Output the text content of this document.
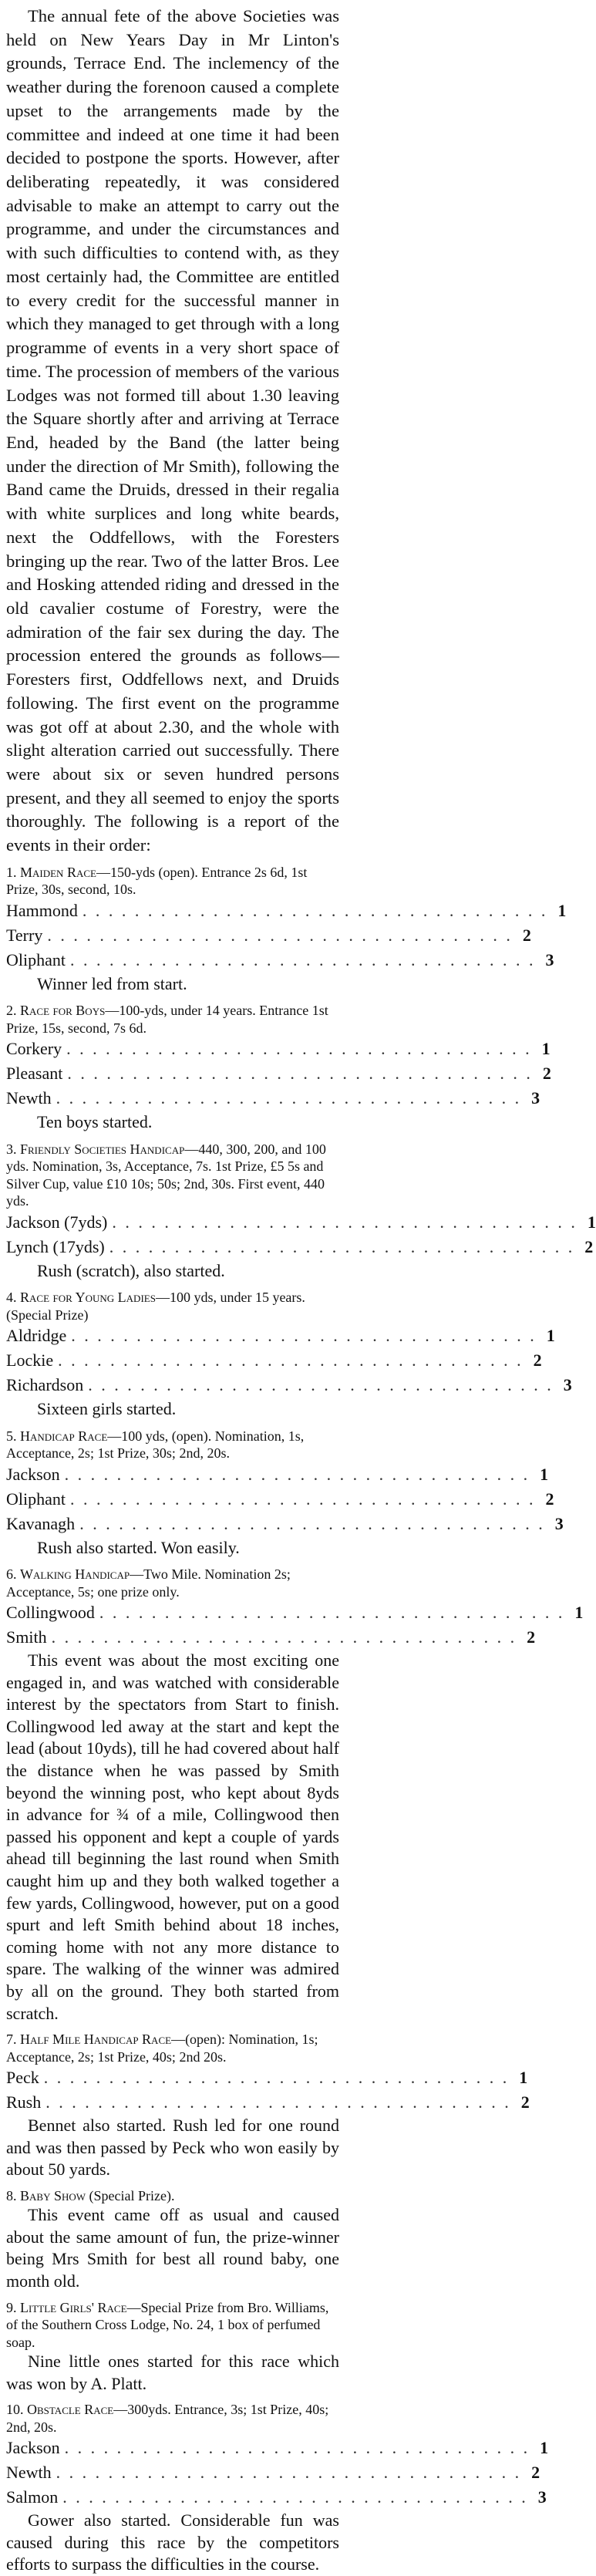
The annual fete of the above Societies was held on New Years Day in Mr Linton's grounds, Terrace End. The inclemency of the weather during the forenoon caused a complete upset to the arrangements made by the committee and indeed at one time it had been decided to postpone the sports. However, after deliberating repeatedly, it was considered advisable to make an attempt to carry out the programme, and under the circumstances and with such difficulties to contend with, as they most certainly had, the Committee are entitled to every credit for the successful manner in which they managed to get through with a long programme of events in a very short space of time. The procession of members of the various Lodges was not formed till about 1.30 leaving the Square shortly after and arriving at Terrace End, headed by the Band (the latter being under the direction of Mr Smith), following the Band came the Druids, dressed in their regalia with white surplices and long white beards, next the Oddfellows, with the Foresters bringing up the rear. Two of the latter Bros. Lee and Hosking attended riding and dressed in the old cavalier costume of Forestry, were the admiration of the fair sex during the day. The procession entered the grounds as follows—Foresters first, Oddfellows next, and Druids following. The first event on the programme was got off at about 2.30, and the whole with slight alteration carried out successfully. There were about six or seven hundred persons present, and they all seemed to enjoy the sports thoroughly. The following is a report of the events in their order:

1. Maiden Race—150-yds (open). Entrance 2s 6d, 1st Prize, 30s, second, 10s.

Hammond . . . . . . . . . . . . . . . . . . . . . . . . . . . . . . . . . . . . 1
Terry . . . . . . . . . . . . . . . . . . . . . . . . . . . . . . . . . . . . 2
Oliphant . . . . . . . . . . . . . . . . . . . . . . . . . . . . . . . . . . . . 3

Winner led from start.

2. Race for Boys—100-yds, under 14 years. Entrance 1st Prize, 15s, second, 7s 6d.

Corkery . . . . . . . . . . . . . . . . . . . . . . . . . . . . . . . . . . . . 1
Pleasant . . . . . . . . . . . . . . . . . . . . . . . . . . . . . . . . . . . . 2
Newth . . . . . . . . . . . . . . . . . . . . . . . . . . . . . . . . . . . . 3

Ten boys started.

3. Friendly Societies Handicap—440, 300, 200, and 100 yds. Nomination, 3s, Acceptance, 7s. 1st Prize, £5 5s and Silver Cup, value £10 10s; 50s; 2nd, 30s. First event, 440 yds.

Jackson (7yds) . . . . . . . . . . . . . . . . . . . . . . . . . . . . . . . . . . . . 1
Lynch (17yds) . . . . . . . . . . . . . . . . . . . . . . . . . . . . . . . . . . . . 2

Rush (scratch), also started.

4. Race for Young Ladies—100 yds, under 15 years. (Special Prize)

Aldridge . . . . . . . . . . . . . . . . . . . . . . . . . . . . . . . . . . . . 1
Lockie . . . . . . . . . . . . . . . . . . . . . . . . . . . . . . . . . . . . 2
Richardson . . . . . . . . . . . . . . . . . . . . . . . . . . . . . . . . . . . . 3

Sixteen girls started.

5. Handicap Race—100 yds, (open). Nomination, 1s, Acceptance, 2s; 1st Prize, 30s; 2nd, 20s.

Jackson . . . . . . . . . . . . . . . . . . . . . . . . . . . . . . . . . . . . 1
Oliphant . . . . . . . . . . . . . . . . . . . . . . . . . . . . . . . . . . . . 2
Kavanagh . . . . . . . . . . . . . . . . . . . . . . . . . . . . . . . . . . . . 3

Rush also started. Won easily.

6. Walking Handicap—Two Mile. Nomination 2s; Acceptance, 5s; one prize only.

Collingwood . . . . . . . . . . . . . . . . . . . . . . . . . . . . . . . . . . . . 1
Smith . . . . . . . . . . . . . . . . . . . . . . . . . . . . . . . . . . . . 2

This event was about the most exciting one engaged in, and was watched with considerable interest by the spectators from Start to finish. Collingwood led away at the start and kept the lead (about 10yds), till he had covered about half the distance when he was passed by Smith beyond the winning post, who kept about 8yds in advance for ¾ of a mile, Collingwood then passed his opponent and kept a couple of yards ahead till beginning the last round when Smith caught him up and they both walked together a few yards, Collingwood, however, put on a good spurt and left Smith behind about 18 inches, coming home with not any more distance to spare. The walking of the winner was admired by all on the ground. They both started from scratch.

7. Half Mile Handicap Race—(open): Nomination, 1s; Acceptance, 2s; 1st Prize, 40s; 2nd 20s.

Peck . . . . . . . . . . . . . . . . . . . . . . . . . . . . . . . . . . . . 1
Rush . . . . . . . . . . . . . . . . . . . . . . . . . . . . . . . . . . . . 2

Bennet also started. Rush led for one round and was then passed by Peck who won easily by about 50 yards.

8. Baby Show (Special Prize).

This event came off as usual and caused about the same amount of fun, the prize-winner being Mrs Smith for best all round baby, one month old.

9. Little Girls' Race—Special Prize from Bro. Williams, of the Southern Cross Lodge, No. 24, 1 box of perfumed soap.

Nine little ones started for this race which was won by A. Platt.

10. Obstacle Race—300yds. Entrance, 3s; 1st Prize, 40s; 2nd, 20s.

Jackson . . . . . . . . . . . . . . . . . . . . . . . . . . . . . . . . . . . . 1
Newth . . . . . . . . . . . . . . . . . . . . . . . . . . . . . . . . . . . . 2
Salmon . . . . . . . . . . . . . . . . . . . . . . . . . . . . . . . . . . . . 3

Gower also started. Considerable fun was caused during this race by the competitors efforts to surpass the difficulties in the course.
